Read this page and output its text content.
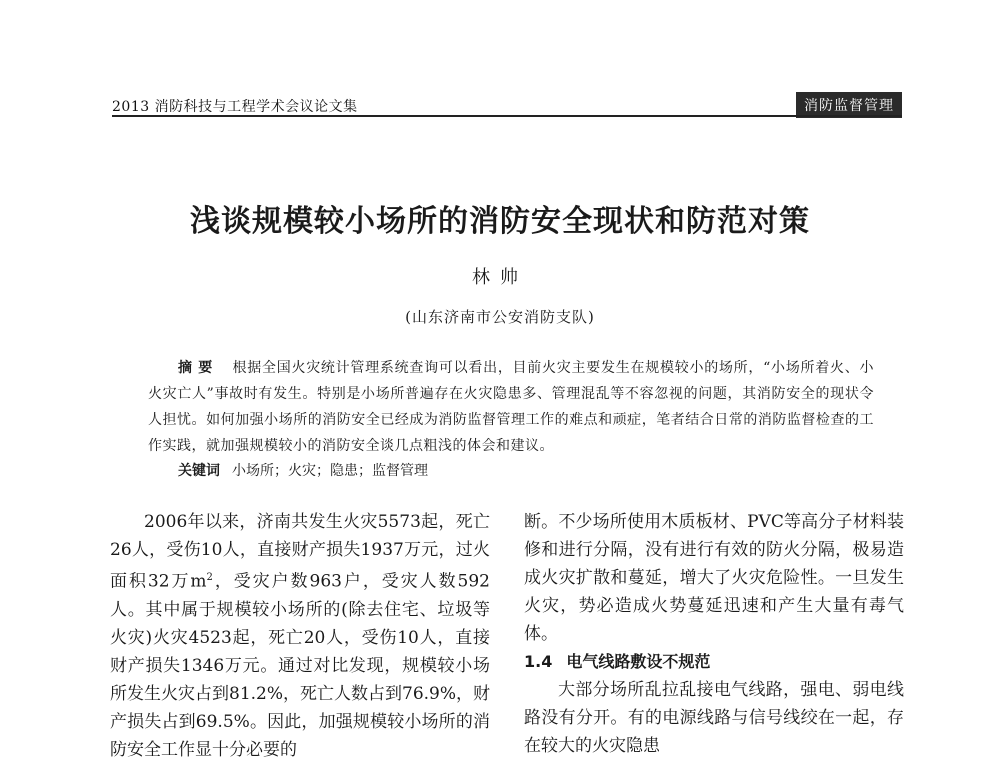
2013 消防科技与工程学术会议论文集	消防监督管理
浅谈规模较小场所的消防安全现状和防范对策
林帅
(山东济南市公安消防支队)

摘要 根据全国火灾统计管理系统查询可以看出，目前火灾主要发生在规模较小的场所，“小场所着火、小火灾亡人”事故时有发生。特别是小场所普遍存在火灾隐患多、管理混乱等不容忽视的问题，其消防安全的现状令人担忧。如何加强小场所的消防安全已经成为消防监督管理工作的难点和顽症，笔者结合日常的消防监督检查的工作实践，就加强规模较小的消防安全谈几点粗浅的体会和建议。

关键词 小场所；火灾；隐患；监督管理

2006年以来，济南共发生火灾5573起，死亡26人，受伤10人，直接财产损失1937万元，过火面积32万$m^2$，受灾户数963户，受灾人数592人。其中属于规模较小场所的(除去住宅、垃圾等火灾)火灾4523起，死亡20人，受伤10人，直接财产损失1346万元。通过对比发现，规模较小场所发生火灾占到81.2%，死亡人数占到76.9%，财产损失占到69.5%。因此，加强规模较小场所的消防安全工作显十分必要的

断。不少场所使用木质板材、PVC等高分子材料装修和进行分隔，没有进行有效的防火分隔，极易造成火灾扩散和蔓延，增大了火灾危险性。一旦发生火灾，势必造成火势蔓延迅速和产生大量有毒气体。

1.4 电气线路敷设不规范

大部分场所乱拉乱接电气线路，强电、弱电线路没有分开。有的电源线路与信号线绞在一起，存在较大的火灾隐患
